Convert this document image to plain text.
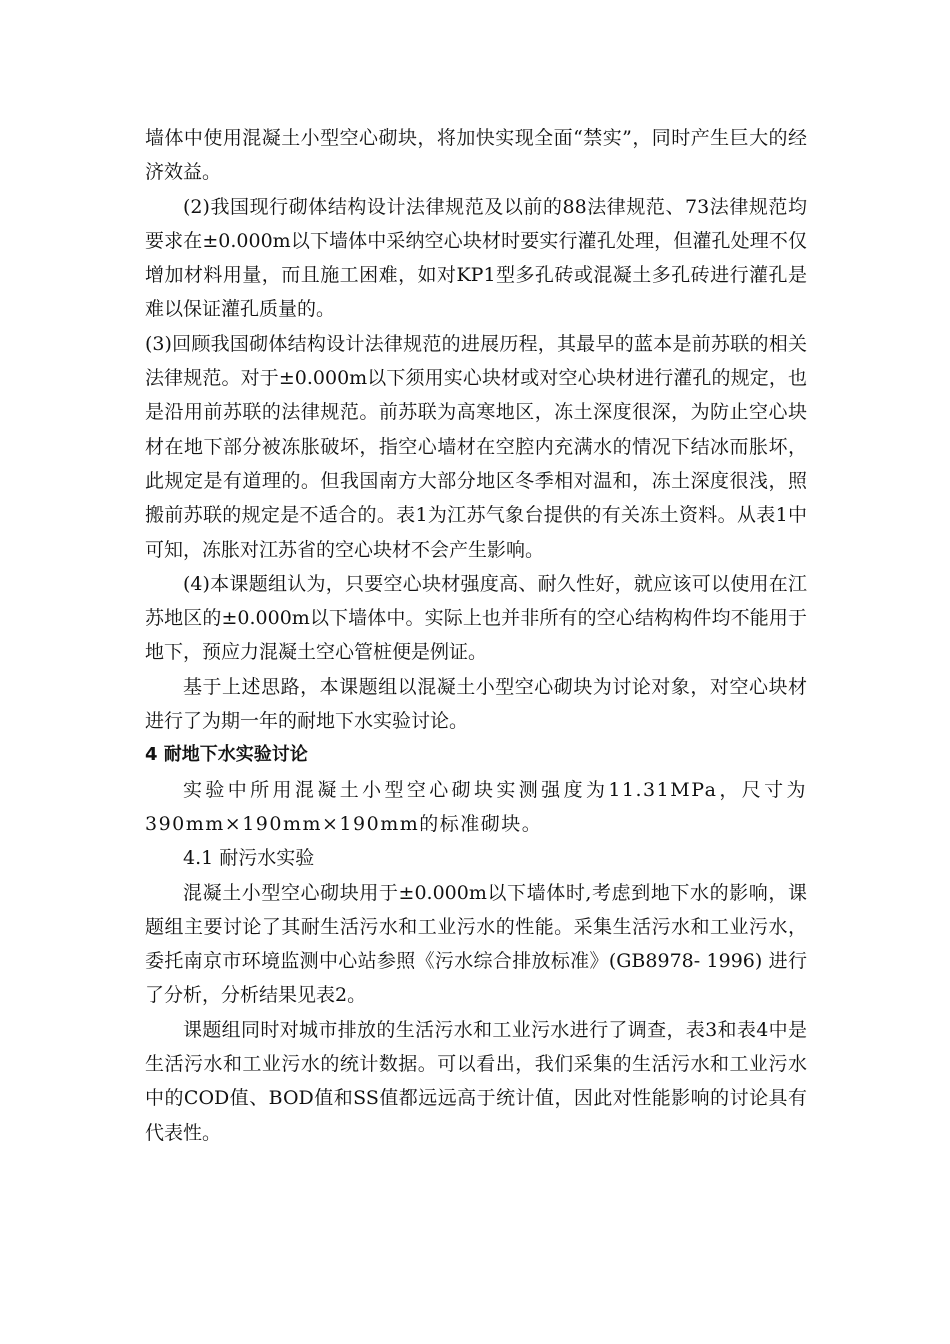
墙体中使用混凝土小型空心砌块，将加快实现全面“禁实”，同时产生巨大的经济效益。

(2)我国现行砌体结构设计法律规范及以前的88法律规范、73法律规范均要求在±0.000m以下墙体中采纳空心块材时要实行灌孔处理，但灌孔处理不仅增加材料用量，而且施工困难，如对KP1型多孔砖或混凝土多孔砖进行灌孔是难以保证灌孔质量的。

(3)回顾我国砌体结构设计法律规范的进展历程，其最早的蓝本是前苏联的相关法律规范。对于±0.000m以下须用实心块材或对空心块材进行灌孔的规定，也是沿用前苏联的法律规范。前苏联为高寒地区，冻土深度很深，为防止空心块材在地下部分被冻胀破坏，指空心墙材在空腔内充满水的情况下结冰而胀坏，此规定是有道理的。但我国南方大部分地区冬季相对温和，冻土深度很浅，照搬前苏联的规定是不适合的。表1为江苏气象台提供的有关冻土资料。从表1中可知，冻胀对江苏省的空心块材不会产生影响。

(4)本课题组认为，只要空心块材强度高、耐久性好，就应该可以使用在江苏地区的±0.000m以下墙体中。实际上也并非所有的空心结构构件均不能用于地下，预应力混凝土空心管桩便是例证。

基于上述思路，本课题组以混凝土小型空心砌块为讨论对象，对空心块材进行了为期一年的耐地下水实验讨论。

4 耐地下水实验讨论

实验中所用混凝土小型空心砌块实测强度为11.31MPa，尺寸为390mm×190mm×190mm的标准砌块。

4.1 耐污水实验

混凝土小型空心砌块用于±0.000m以下墙体时,考虑到地下水的影响，课题组主要讨论了其耐生活污水和工业污水的性能。采集生活污水和工业污水，委托南京市环境监测中心站参照《污水综合排放标准》(GB8978- 1996) 进行了分析，分析结果见表2。

课题组同时对城市排放的生活污水和工业污水进行了调查，表3和表4中是生活污水和工业污水的统计数据。可以看出，我们采集的生活污水和工业污水中的COD值、BOD值和SS值都远远高于统计值，因此对性能影响的讨论具有代表性。
